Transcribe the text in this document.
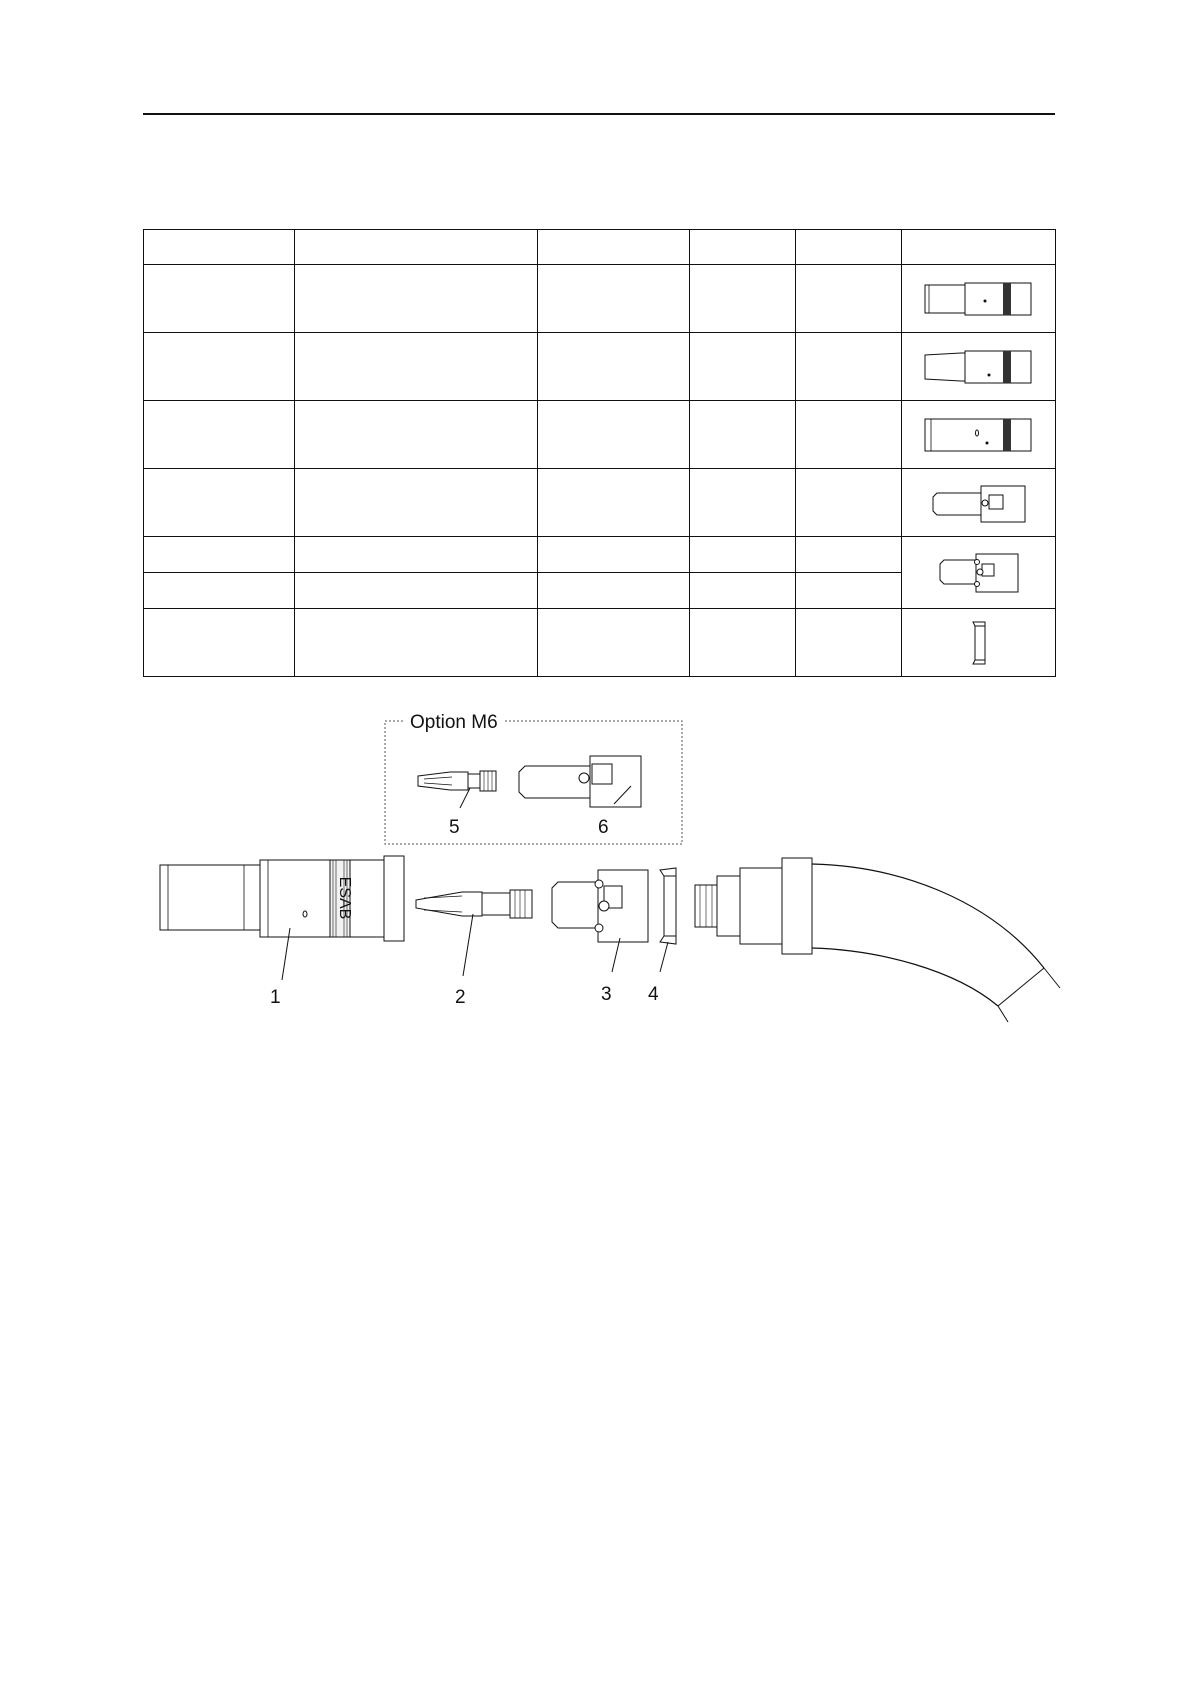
Option M6
5	6
ESAB
1	2	3 4
